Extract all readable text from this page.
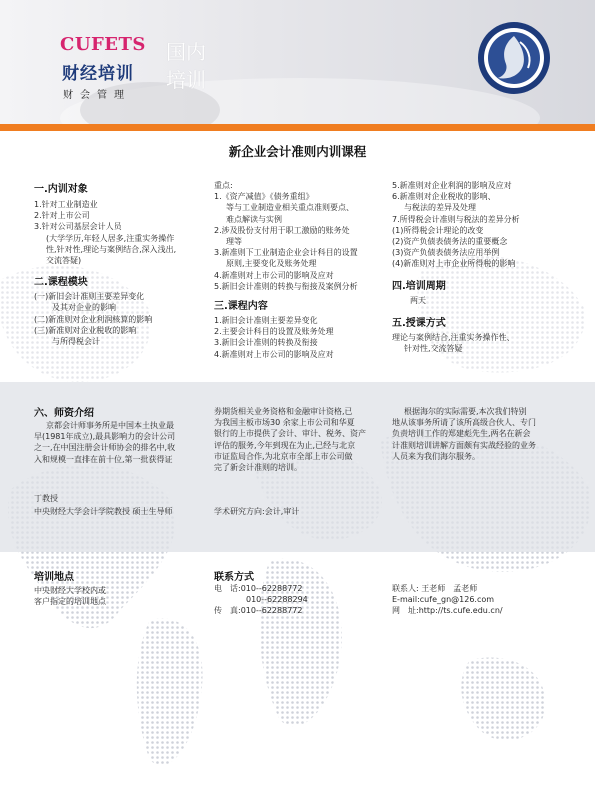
CUFETS
财经培训
财会管理
国内
培训
新企业会计准则内训课程
一.内训对象

1.针对工业制造业

2.针对上市公司

3.针对公司基层会计人员

(大学学历,年轻人居多,注重实务操作

性,针对性,理论与案例结合,深入浅出,

交流答疑)

二.课程模块

(一)新旧会计准则主要差异变化

及其对企业的影响

(二)新准则对企业利润核算的影响

(三)新准则对企业税收的影响

与所得税会计

重点:

1.《资产减值》《债务重组》

等与工业制造业相关重点准则要点、

难点解读与实例

2.涉及股份支付用于职工激励的账务处

理等

3.新准则下工业制造企业会计科目的设置

原则,主要变化及账务处理

4.新准则对上市公司的影响及应对

5.新旧会计准则的转换与衔接及案例分析

三.课程内容

1.新旧会计准则主要差异变化

2.主要会计科目的设置及账务处理

3.新旧会计准则的转换及衔接

4.新准则对上市公司的影响及应对

5.新准则对企业利润的影响及应对

6.新准则对企业税收的影响、

与税法的差异及处理

7.所得税会计准则与税法的差异分析

(1)所得税会计理论的改变

(2)资产负债表债务法的重要概念

(3)资产负债表债务法应用举例

(4)新准则对上市企业所得税的影响

四.培训周期
两天
五.授课方式

理论与案例结合,注重实务操作性、

针对性,交流答疑

六、师资介绍

京都会计师事务所是中国本土执业最

早(1981年成立),最具影响力的会计公司

之一,在中国注册会计师协会的排名中,收

入和规模一直排在前十位,第一批获得证

券期货相关业务资格和金融审计资格,已

为我国主板市场30 余家上市公司和华夏

银行的上市提供了会计、审计、税务、资产

评估的服务,今年到现在为止,已经与北京

市证监局合作,为北京市全部上市公司做

完了新会计准则的培训。

根据海尔的实际需要,本次我们特别

地从该事务所请了该所高级合伙人、专门

负责培训工作的郑建彪先生,两名在新会

计准则培训讲解方面颇有实战经验的业务

人员来为我们海尔服务。

丁教授
中央财经大学会计学院教授 硕士生导师	学术研究方向:会计,审计
培训地点

中央财经大学校内或

客户指定的培训地点

联系方式

电　话:010--62288772

010--62288294

传　真:010--62288772

联系人: 王老师　孟老师

E-mail:cufe_gn@126.com

网　址:http://ts.cufe.edu.cn/
